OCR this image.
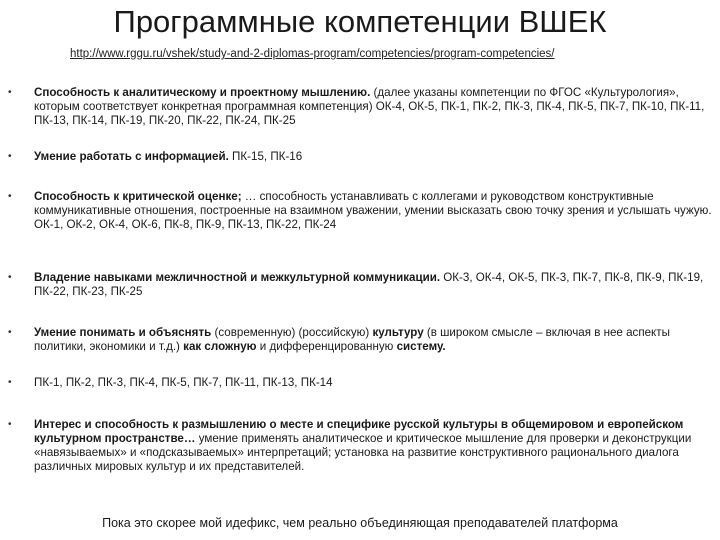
Программные компетенции ВШЕК
http://www.rggu.ru/vshek/study-and-2-diplomas-program/competencies/program-competencies/
• Способность к аналитическому и проектному мышлению. (далее указаны компетенции по ФГОС «Культурология», которым соответствует конкретная программная компетенция) ОК-4, ОК-5, ПК-1, ПК-2, ПК-3, ПК-4, ПК-5, ПК-7, ПК-10, ПК-11, ПК-13, ПК-14, ПК-19, ПК-20, ПК-22, ПК-24, ПК-25
• Умение работать с информацией. ПК-15, ПК-16
• Способность к критической оценке; … способность устанавливать с коллегами и руководством конструктивные коммуникативные отношения, построенные на взаимном уважении, умении высказать свою точку зрения и услышать чужую. ОК-1, ОК-2, ОК-4, ОК-6, ПК-8, ПК-9, ПК-13, ПК-22, ПК-24
• Владение навыками межличностной и межкультурной коммуникации. ОК-3, ОК-4, ОК-5, ПК-3, ПК-7, ПК-8, ПК-9, ПК-19, ПК-22, ПК-23, ПК-25
• Умение понимать и объяснять (современную) (российскую) культуру (в широком смысле – включая в нее аспекты политики, экономики и т.д.) как сложную и дифференцированную систему.
• ПК-1, ПК-2, ПК-3, ПК-4, ПК-5, ПК-7, ПК-11, ПК-13, ПК-14
• Интерес и способность к размышлению о месте и специфике русской культуры в общемировом и европейском культурном пространстве… умение применять аналитическое и критическое мышление для проверки и деконструкции «навязываемых» и «подсказываемых» интерпретаций; установка на развитие конструктивного рационального диалога различных мировых культур и их представителей.
Пока это скорее мой идефикс, чем реально объединяющая преподавателей платформа
